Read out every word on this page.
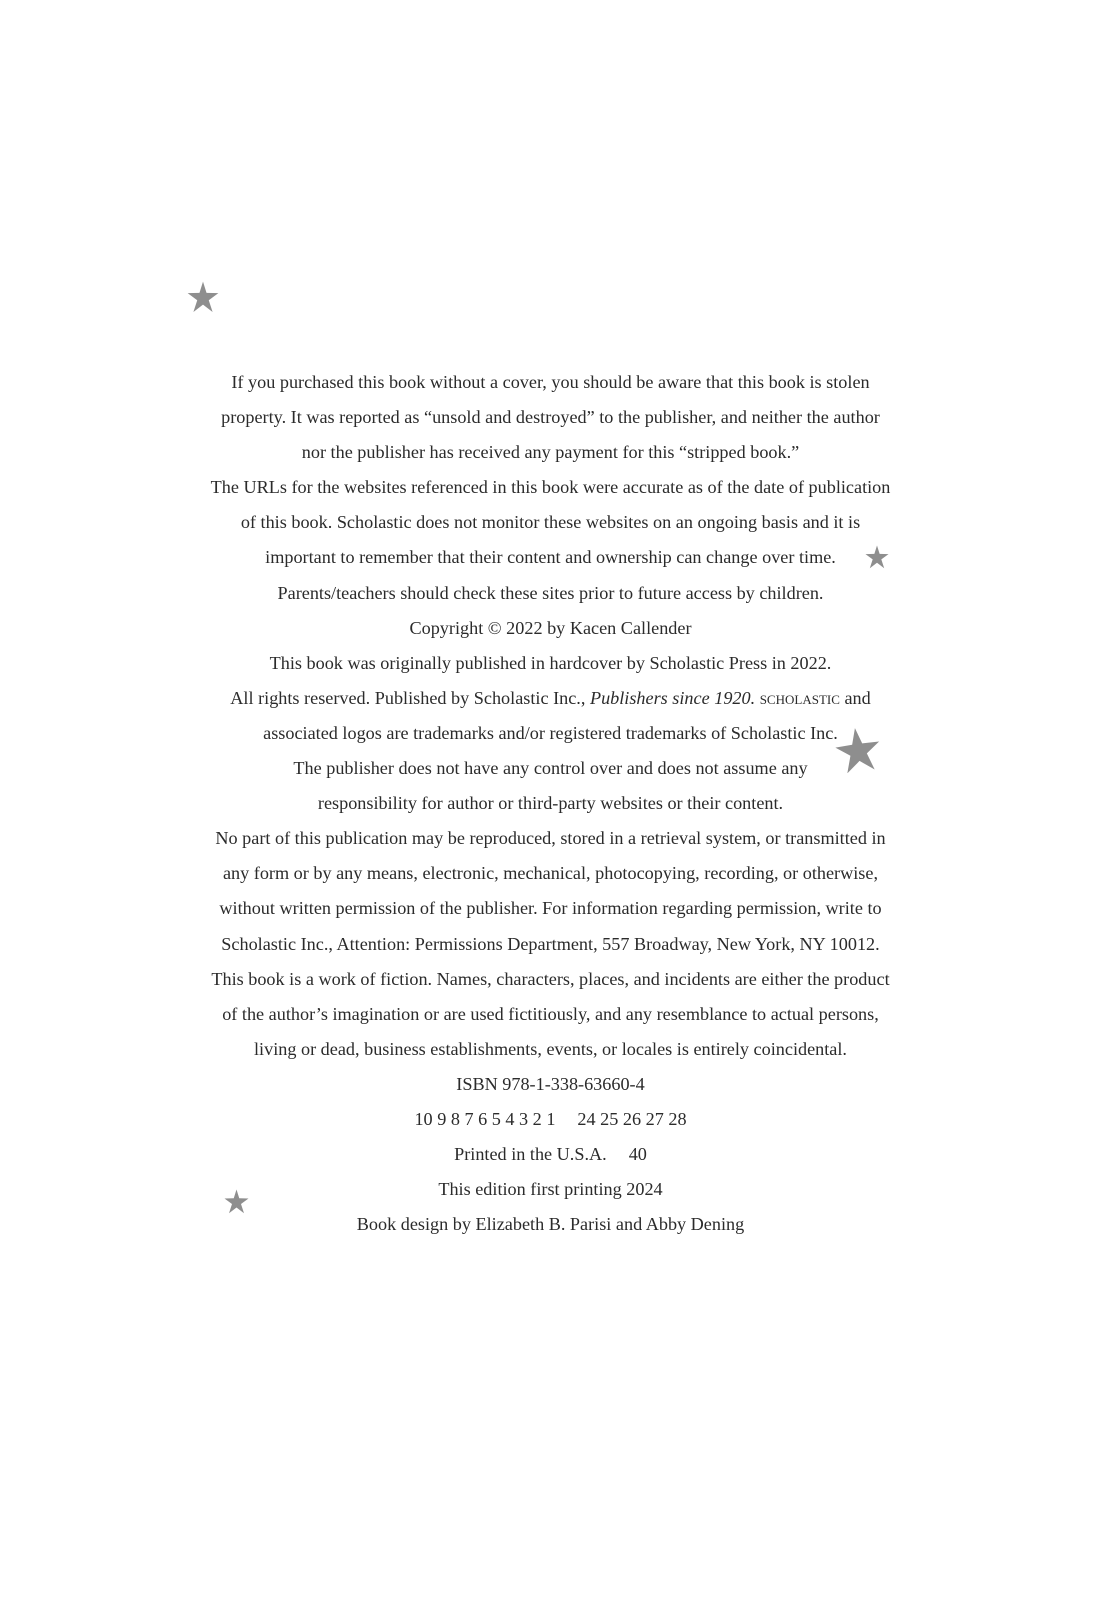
If you purchased this book without a cover, you should be aware that this book is stolen
property. It was reported as “unsold and destroyed” to the publisher, and neither the author
nor the publisher has received any payment for this “stripped book.”
The URLs for the websites referenced in this book were accurate as of the date of publication
of this book. Scholastic does not monitor these websites on an ongoing basis and it is
important to remember that their content and ownership can change over time.
Parents/teachers should check these sites prior to future access by children.
Copyright © 2022 by Kacen Callender
This book was originally published in hardcover by Scholastic Press in 2022.
All rights reserved. Published by Scholastic Inc., Publishers since 1920. scholastic and
associated logos are trademarks and/or registered trademarks of Scholastic Inc.
The publisher does not have any control over and does not assume any
responsibility for author or third-party websites or their content.
No part of this publication may be reproduced, stored in a retrieval system, or transmitted in
any form or by any means, electronic, mechanical, photocopying, recording, or otherwise,
without written permission of the publisher. For information regarding permission, write to
Scholastic Inc., Attention: Permissions Department, 557 Broadway, New York, NY 10012.
This book is a work of fiction. Names, characters, places, and incidents are either the product
of the author’s imagination or are used fictitiously, and any resemblance to actual persons,
living or dead, business establishments, events, or locales is entirely coincidental.
ISBN 978-1-338-63660-4
10 9 8 7 6 5 4 3 2 1 24 25 26 27 28
Printed in the U.S.A. 40
This edition first printing 2024
Book design by Elizabeth B. Parisi and Abby Dening
